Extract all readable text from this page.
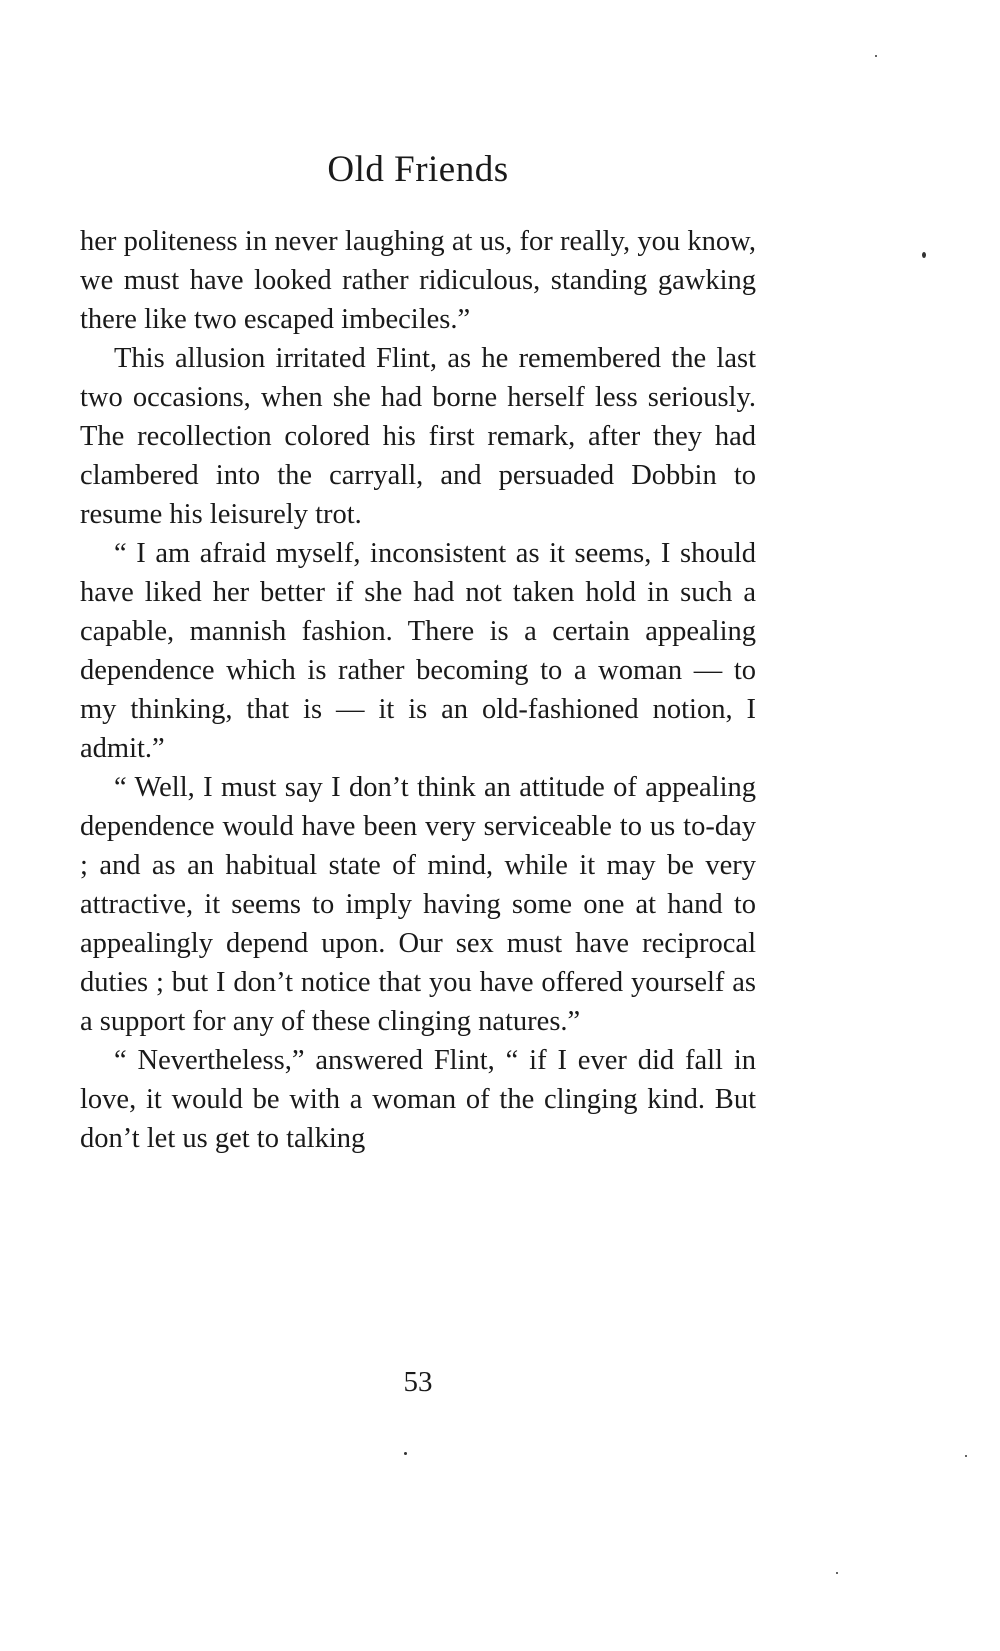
Old Friends

her politeness in never laughing at us, for really, you know, we must have looked rather ridiculous, standing gawking there like two escaped imbeciles.”

This allusion irritated Flint, as he remembered the last two occasions, when she had borne herself less seriously. The recollection colored his first remark, after they had clambered into the carryall, and persuaded Dobbin to resume his leisurely trot.

“ I am afraid myself, inconsistent as it seems, I should have liked her better if she had not taken hold in such a capable, mannish fashion. There is a certain appealing dependence which is rather becoming to a woman — to my thinking, that is — it is an old-fashioned notion, I admit.”

“ Well, I must say I don’t think an attitude of appealing dependence would have been very serviceable to us to-day ; and as an habitual state of mind, while it may be very attractive, it seems to imply having some one at hand to appealingly depend upon. Our sex must have reciprocal duties ; but I don’t notice that you have offered yourself as a support for any of these clinging natures.”

“ Nevertheless,” answered Flint, “ if I ever did fall in love, it would be with a woman of the clinging kind. But don’t let us get to talking

53
